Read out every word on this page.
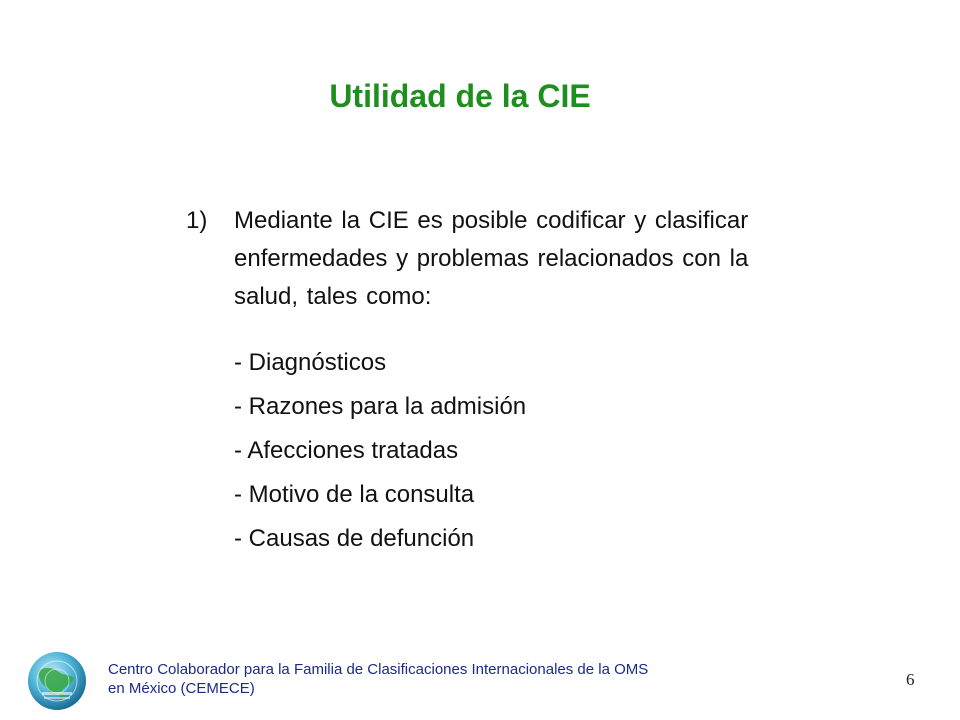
Utilidad de la CIE
1)	Mediante la CIE es posible codificar y clasificar enfermedades y problemas relacionados con la salud, tales como:
- Diagnósticos
- Razones para la admisión
- Afecciones tratadas
- Motivo de la consulta
- Causas de defunción
Centro Colaborador para la Familia de Clasificaciones Internacionales de la OMS en México (CEMECE)	6
